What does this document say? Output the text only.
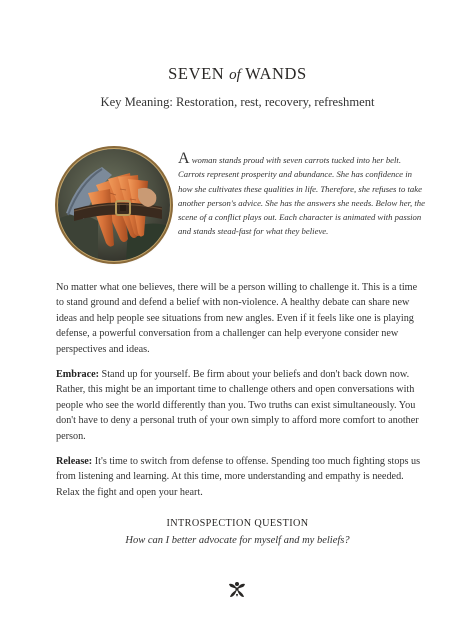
SEVEN of WANDS
Key Meaning: Restoration, rest, recovery, refreshment
A woman stands proud with seven carrots tucked into her belt. Carrots represent prosperity and abundance. She has confidence in how she cultivates these qualities in life. Therefore, she refuses to take another person's advice. She has the answers she needs. Below her, the scene of a conflict plays out. Each character is animated with passion and stands stead-fast for what they believe.

No matter what one believes, there will be a person willing to challenge it. This is a time to stand ground and defend a belief with non-violence. A healthy debate can share new ideas and help people see situations from new angles. Even if it feels like one is playing defense, a powerful conversation from a challenger can help everyone consider new perspectives and ideas.

Embrace: Stand up for yourself. Be firm about your beliefs and don't back down now. Rather, this might be an important time to challenge others and open conversations with people who see the world differently than you. Two truths can exist simultaneously. You don't have to deny a personal truth of your own simply to afford more comfort to another person.

Release: It's time to switch from defense to offense. Spending too much fighting stops us from listening and learning. At this time, more understanding and empathy is needed. Relax the fight and open your heart.

INTROSPECTION QUESTION
How can I better advocate for myself and my beliefs?
